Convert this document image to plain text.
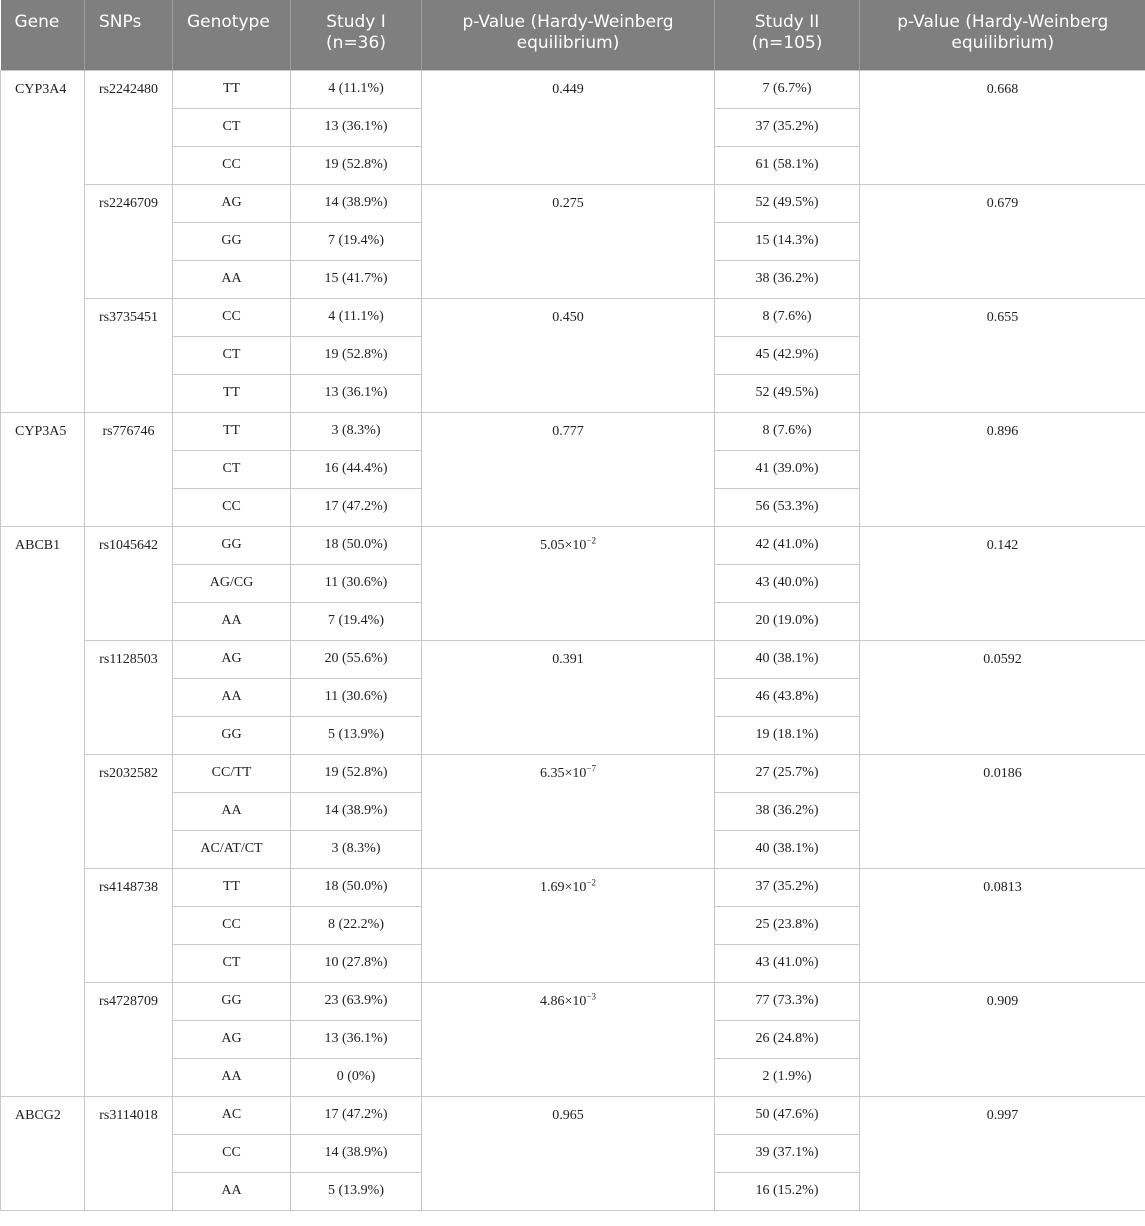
Gene	SNPs	Genotype	Study I (n=36)	p-Value (Hardy-Weinberg equilibrium)	Study II (n=105)	p-Value (Hardy-Weinberg equilibrium)
CYP3A4	rs2242480	TT	4 (11.1%)	0.449	7 (6.7%)	0.668
		CT	13 (36.1%)		37 (35.2%)	
		CC	19 (52.8%)		61 (58.1%)	
	rs2246709	AG	14 (38.9%)	0.275	52 (49.5%)	0.679
		GG	7 (19.4%)		15 (14.3%)	
		AA	15 (41.7%)		38 (36.2%)	
	rs3735451	CC	4 (11.1%)	0.450	8 (7.6%)	0.655
		CT	19 (52.8%)		45 (42.9%)	
		TT	13 (36.1%)		52 (49.5%)	
CYP3A5	rs776746	TT	3 (8.3%)	0.777	8 (7.6%)	0.896
		CT	16 (44.4%)		41 (39.0%)	
		CC	17 (47.2%)		56 (53.3%)	
ABCB1	rs1045642	GG	18 (50.0%)	$5.05\times 10^{-2}$	42 (41.0%)	0.142
		AG/CG	11 (30.6%)		43 (40.0%)	
		AA	7 (19.4%)		20 (19.0%)	
	rs1128503	AG	20 (55.6%)	0.391	40 (38.1%)	0.0592
		AA	11 (30.6%)		46 (43.8%)	
		GG	5 (13.9%)		19 (18.1%)	
	rs2032582	CC/TT	19 (52.8%)	$6.35\times 10^{-7}$	27 (25.7%)	0.0186
		AA	14 (38.9%)		38 (36.2%)	
		AC/AT/CT	3 (8.3%)		40 (38.1%)	
	rs4148738	TT	18 (50.0%)	$1.69\times 10^{-2}$	37 (35.2%)	0.0813
		CC	8 (22.2%)		25 (23.8%)	
		CT	10 (27.8%)		43 (41.0%)	
	rs4728709	GG	23 (63.9%)	$4.86\times 10^{-3}$	77 (73.3%)	0.909
		AG	13 (36.1%)		26 (24.8%)	
		AA	0 (0%)		2 (1.9%)	
ABCG2	rs3114018	AC	17 (47.2%)	0.965	50 (47.6%)	0.997
		CC	14 (38.9%)		39 (37.1%)	
		AA	5 (13.9%)		16 (15.2%)	
